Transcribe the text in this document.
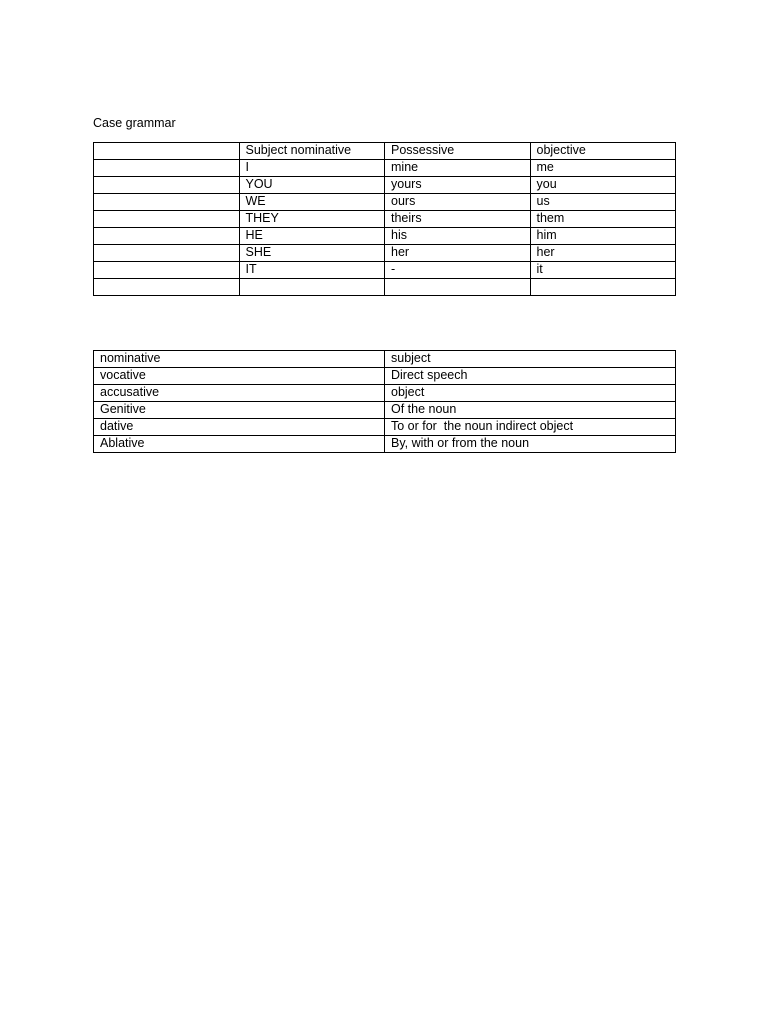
Case grammar
	Subject nominative	Possessive	objective
	I	mine	me
	YOU	yours	you
	WE	ours	us
	THEY	theirs	them
	HE	his	him
	SHE	her	her
	IT	-	it

nominative	subject
vocative	Direct speech
accusative	object
Genitive	Of the noun
dative	To or for  the noun indirect object
Ablative	By, with or from the noun
